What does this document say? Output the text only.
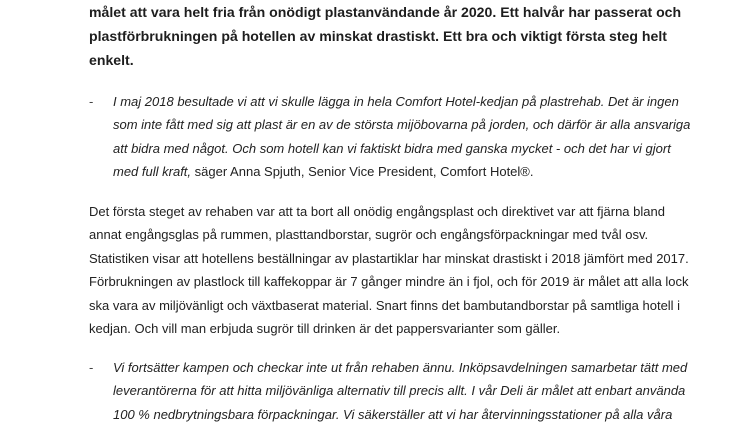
målet att vara helt fria från onödigt plastanvändande år 2020. Ett halvår har passerat och
plastförbrukningen på hotellen av minskat drastiskt. Ett bra och viktigt första steg helt
enkelt.

- I maj 2018 besultade vi att vi skulle lägga in hela Comfort Hotel-kedjan på plastrehab. Det är ingen
som inte fått med sig att plast är en av de största mijöbovarna på jorden, och därför är alla ansvariga
att bidra med något. Och som hotell kan vi faktiskt bidra med ganska mycket - och det har vi gjort
med full kraft, säger Anna Spjuth, Senior Vice President, Comfort Hotel®.

Det första steget av rehaben var att ta bort all onödig engångsplast och direktivet var att fjärna bland
annat engångsglas på rummen, plasttandborstar, sugrör och engångsförpackningar med tvål osv.
Statistiken visar att hotellens beställningar av plastartiklar har minskat drastiskt i 2018 jämfört med 2017.
Förbrukningen av plastlock till kaffekoppar är 7 gånger mindre än i fjol, och för 2019 är målet att alla lock
ska vara av miljövänligt och växtbaserat material. Snart finns det bambutandborstar på samtliga hotell i
kedjan. Och vill man erbjuda sugrör till drinken är det pappersvarianter som gäller.

- Vi fortsätter kampen och checkar inte ut från rehaben ännu. Inköpsavdelningen samarbetar tätt med
leverantörerna för att hitta miljövänliga alternativ till precis allt. I vår Deli är målet att enbart använda
100 % nedbrytningsbara förpackningar. Vi säkerställer att vi har återvinningsstationer på alla våra
